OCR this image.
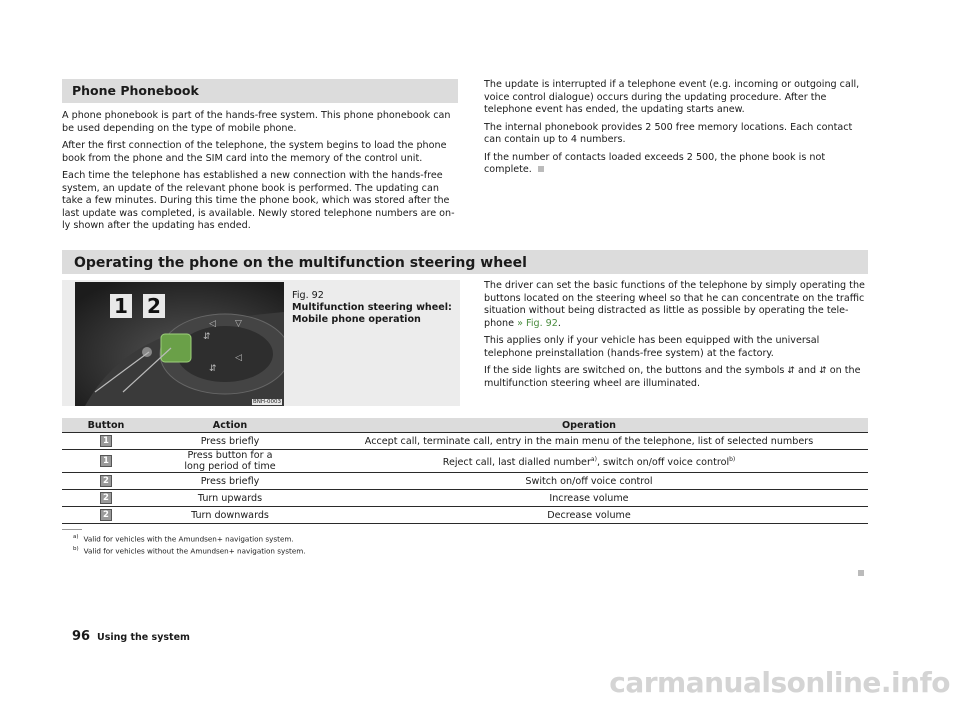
Phone Phonebook

A phone phonebook is part of the hands-free system. This phone phonebook can be used depending on the type of mobile phone.

After the first connection of the telephone, the system begins to load the phone book from the phone and the SIM card into the memory of the control unit.

Each time the telephone has established a new connection with the hands-free system, an update of the relevant phone book is performed. The updating can take a few minutes. During this time the phone book, which was stored after the last update was completed, is available. Newly stored telephone numbers are on-ly shown after the updating has ended.

The update is interrupted if a telephone event (e.g. incoming or outgoing call, voice control dialogue) occurs during the updating procedure. After the telephone event has ended, the updating starts anew.

The internal phonebook provides 2 500 free memory locations. Each contact can contain up to 4 numbers.

If the number of contacts loaded exceeds 2 500, the phone book is not complete.

Operating the phone on the multifunction steering wheel
⇵
◁
⇵
▽
◁
1 2
BNH-0003
Fig. 92
Multifunction steering wheel:
Mobile phone operation

The driver can set the basic functions of the telephone by simply operating the buttons located on the steering wheel so that he can concentrate on the traffic situation without being distracted as little as possible by operating the tele-phone » Fig. 92.

This applies only if your vehicle has been equipped with the universal telephone preinstallation (hands-free system) at the factory.

If the side lights are switched on, the buttons and the symbols ⇵ and ⇵ on the multifunction steering wheel are illuminated.

Button	Action	Operation
1	Press briefly	Accept call, terminate call, entry in the main menu of the telephone, list of selected numbers
1	Press button for a long period of time	Reject call, last dialled number$^{a)}$, switch on/off voice control$^{b)}$
2	Press briefly	Switch on/off voice control
2	Turn upwards	Increase volume
2	Turn downwards	Decrease volume
$^{a)}$ Valid for vehicles with the Amundsen+ navigation system.
$^{b)}$ Valid for vehicles without the Amundsen+ navigation system.
96 Using the system
carmanualsonline.info
